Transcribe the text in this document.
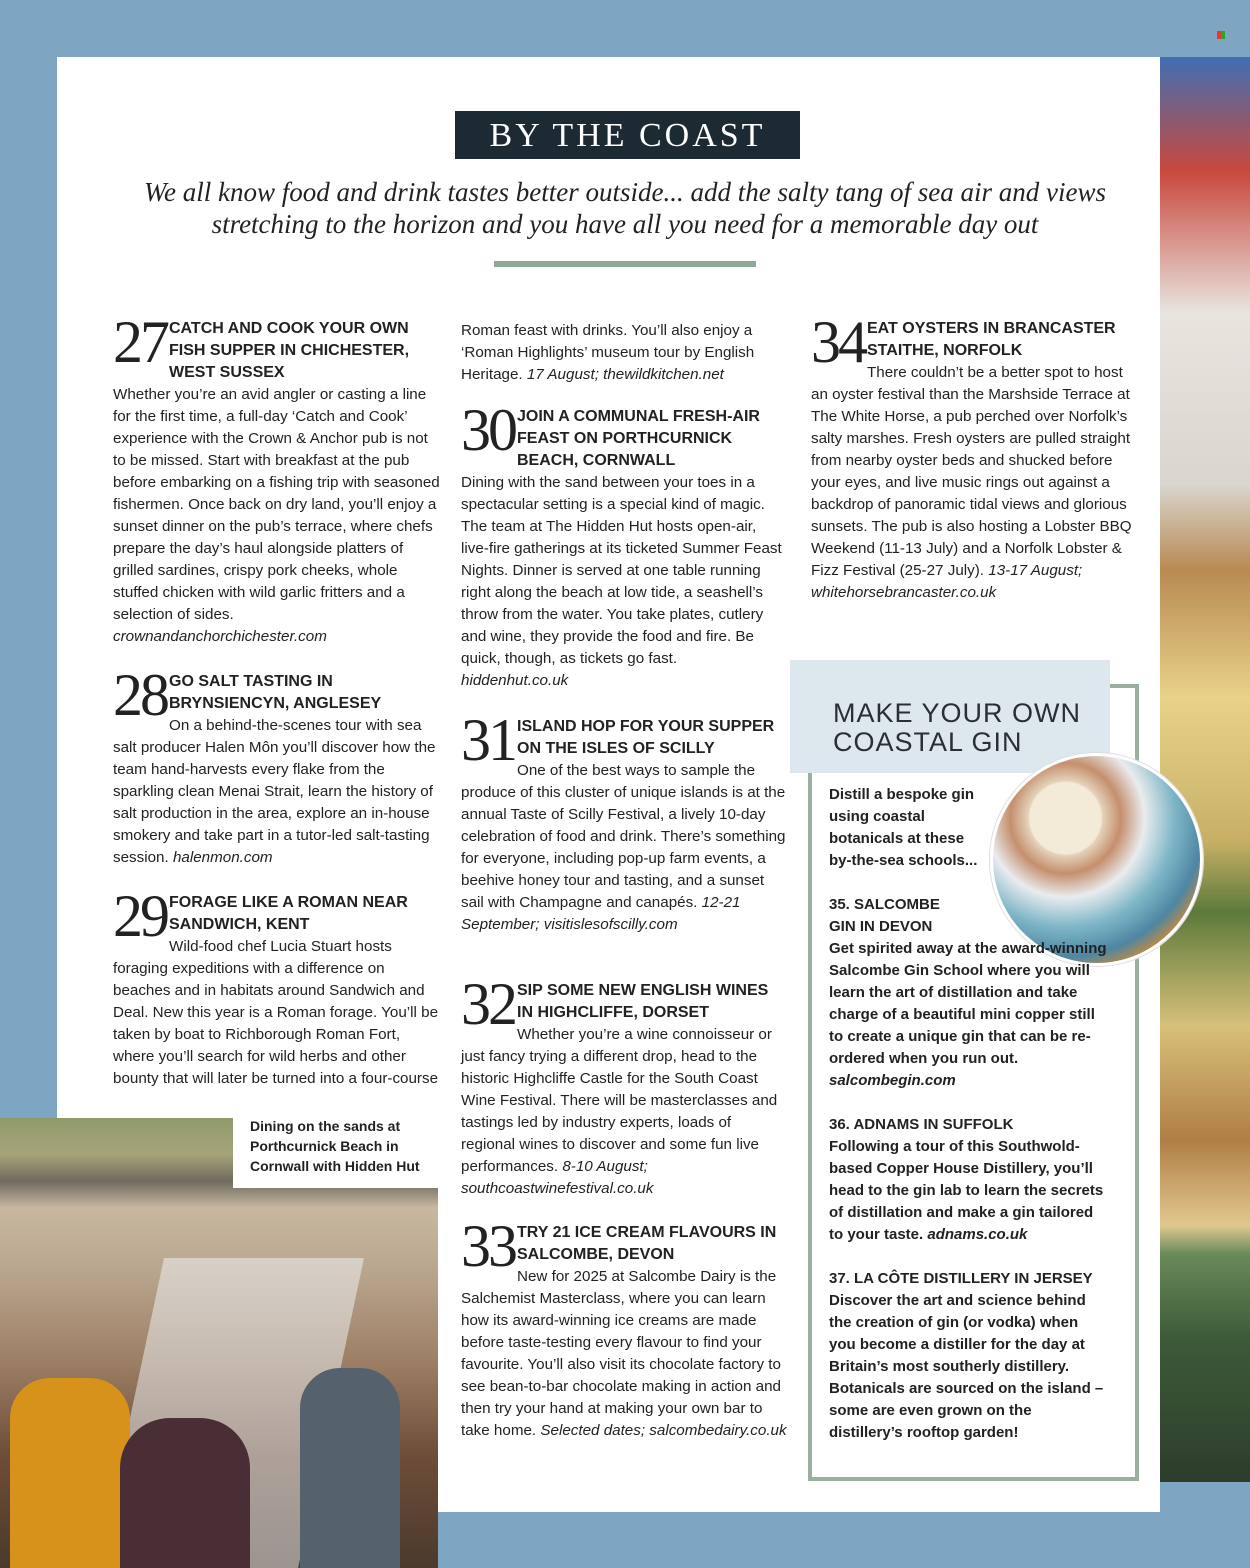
BY THE COAST
We all know food and drink tastes better outside... add the salty tang of sea air and views
stretching to the horizon and you have all you need for a memorable day out
27 CATCH AND COOK YOUR OWN FISH SUPPER IN CHICHESTER, WEST SUSSEX
Whether you’re an avid angler or casting a line for the first time, a full-day ‘Catch and Cook’ experience with the Crown & Anchor pub is not to be missed. Start with breakfast at the pub before embarking on a fishing trip with seasoned fishermen. Once back on dry land, you’ll enjoy a sunset dinner on the pub’s terrace, where chefs prepare the day’s haul alongside platters of grilled sardines, crispy pork cheeks, whole stuffed chicken with wild garlic fritters and a selection of sides. crownandanchorchichester.com
28 GO SALT TASTING IN BRYNSIENCYN, ANGLESEY
On a behind-the-scenes tour with sea salt producer Halen Môn you’ll discover how the team hand-harvests every flake from the sparkling clean Menai Strait, learn the history of salt production in the area, explore an in-house smokery and take part in a tutor-led salt-tasting session. halenmon.com
29 FORAGE LIKE A ROMAN NEAR SANDWICH, KENT
Wild-food chef Lucia Stuart hosts foraging expeditions with a difference on beaches and in habitats around Sandwich and Deal. New this year is a Roman forage. You’ll be taken by boat to Richborough Roman Fort, where you’ll search for wild herbs and other bounty that will later be turned into a four-course
Roman feast with drinks. You’ll also enjoy a ‘Roman Highlights’ museum tour by English Heritage. 17 August; thewildkitchen.net
30 JOIN A COMMUNAL FRESH-AIR FEAST ON PORTHCURNICK BEACH, CORNWALL
Dining with the sand between your toes in a spectacular setting is a special kind of magic. The team at The Hidden Hut hosts open-air, live-fire gatherings at its ticketed Summer Feast Nights. Dinner is served at one table running right along the beach at low tide, a seashell’s throw from the water. You take plates, cutlery and wine, they provide the food and fire. Be quick, though, as tickets go fast. hiddenhut.co.uk
31 ISLAND HOP FOR YOUR SUPPER ON THE ISLES OF SCILLY
One of the best ways to sample the produce of this cluster of unique islands is at the annual Taste of Scilly Festival, a lively 10-day celebration of food and drink. There’s something for everyone, including pop-up farm events, a beehive honey tour and tasting, and a sunset sail with Champagne and canapés. 12-21 September; visitislesofscilly.com
32 SIP SOME NEW ENGLISH WINES IN HIGHCLIFFE, DORSET
Whether you’re a wine connoisseur or just fancy trying a different drop, head to the historic Highcliffe Castle for the South Coast Wine Festival. There will be masterclasses and tastings led by industry experts, loads of regional wines to discover and some fun live performances. 8-10 August; southcoastwinefestival.co.uk
33 TRY 21 ICE CREAM FLAVOURS IN SALCOMBE, DEVON
New for 2025 at Salcombe Dairy is the Salchemist Masterclass, where you can learn how its award-winning ice creams are made before taste-testing every flavour to find your favourite. You’ll also visit its chocolate factory to see bean-to-bar chocolate making in action and then try your hand at making your own bar to take home. Selected dates; salcombedairy.co.uk
34 EAT OYSTERS IN BRANCASTER STAITHE, NORFOLK
There couldn’t be a better spot to host an oyster festival than the Marshside Terrace at The White Horse, a pub perched over Norfolk’s salty marshes. Fresh oysters are pulled straight from nearby oyster beds and shucked before your eyes, and live music rings out against a backdrop of panoramic tidal views and glorious sunsets. The pub is also hosting a Lobster BBQ Weekend (11-13 July) and a Norfolk Lobster & Fizz Festival (25-27 July). 13-17 August; whitehorsebrancaster.co.uk
Dining on the sands at Porthcurnick Beach in Cornwall with Hidden Hut
MAKE YOUR OWN COASTAL GIN

Distill a bespoke gin using coastal botanicals at these by-the-sea schools...

35. SALCOMBE GIN IN DEVON
Get spirited away at the award-winning Salcombe Gin School where you will learn the art of distillation and take charge of a beautiful mini copper still to create a unique gin that can be re-ordered when you run out. salcombegin.com

36. ADNAMS IN SUFFOLK
Following a tour of this Southwold-based Copper House Distillery, you’ll head to the gin lab to learn the secrets of distillation and make a gin tailored to your taste. adnams.co.uk

37. LA CÔTE DISTILLERY IN JERSEY
Discover the art and science behind the creation of gin (or vodka) when you become a distiller for the day at Britain’s most southerly distillery. Botanicals are sourced on the island – some are even grown on the distillery’s rooftop garden!
